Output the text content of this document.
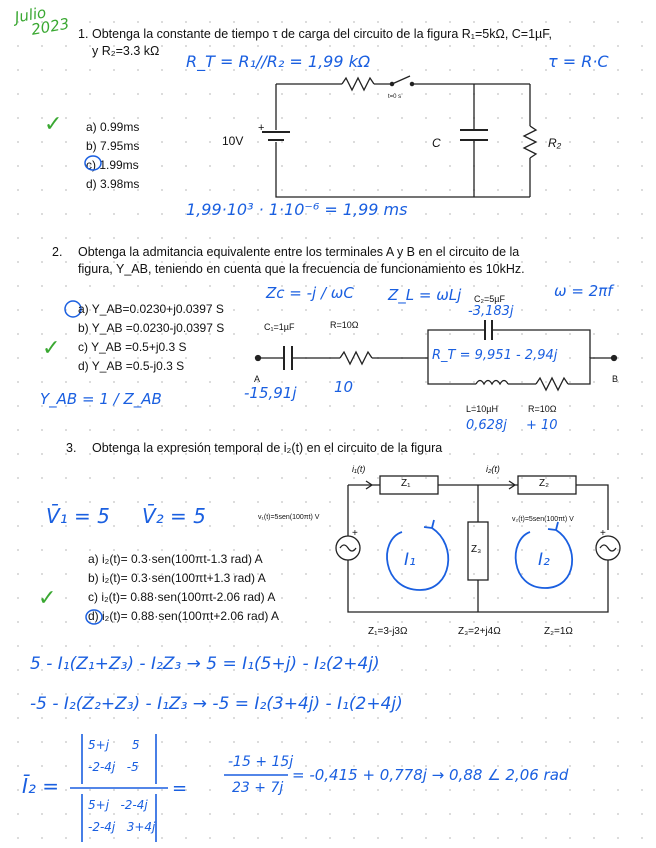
Julio
2023 1. Obtenga la constante de tiempo τ de carga del circuito de la figura R₁=5kΩ, C=1µF,
y R₂=3.3 kΩ
R_T = R₁//R₂ = 1,99 kΩ	τ = R·C
✓ a) 0.99ms
b) 7.95ms
c) 1.99ms
d) 3.98ms
10V
+
C	R₂
t=0 s
1,99·10³ · 1·10⁻⁶ = 1,99 ms
2. Obtenga la admitancia equivalente entre los terminales A y B en el circuito de la
figura, Y_AB, teniendo en cuenta que la frecuencia de funcionamiento es 10kHz.
Zc = -j / ωC Z_L = ωLj	ω = 2πf
C₂=5µF
-3,183j
C₁=1µF	R=10Ω
R_T = 9,951 - 2,94j
a) Y_AB=0.0230+j0.0397 S
b) Y_AB =0.0230-j0.0397 S
c) Y_AB =0.5+j0.3 S
d) Y_AB =0.5-j0.3 S
✓
A	B
-15,91j 10
Y_AB = 1 / Z_AB
L=10µH	R=10Ω
0,628j + 10
3. Obtenga la expresión temporal de i₂(t) en el circuito de la figura
i₁(t)	i₂(t)
Z₁	Z₂
Z₃
v₁(t)=5sen(100πt) V	v₂(t)=5sen(100πt) V
+	+
I₁	I₂
V̄₁ = 5 V̄₂ = 5
a) i₂(t)= 0.3·sen(100πt-1.3 rad) A
b) i₂(t)= 0.3·sen(100πt+1.3 rad) A
c) i₂(t)= 0.88·sen(100πt-2.06 rad) A
d) i₂(t)= 0.88·sen(100πt+2.06 rad) A
✓
Z₁=3-j3Ω	Z₃=2+j4Ω	Z₂=1Ω
5 - I₁(Z₁+Z₃) - I₂Z₃ → 5 = I₁(5+j) - I₂(2+4j)
-5 - I₂(Z₂+Z₃) - I₁Z₃ → -5 = I₂(3+4j) - I₁(2+4j)
Ī₂ =
5+j      5
-2-4j   -5
5+j   -2-4j
-2-4j   3+4j
=
-15 + 15j
23 + 7j
= -0,415 + 0,778j → 0,88 ∠ 2,06 rad
